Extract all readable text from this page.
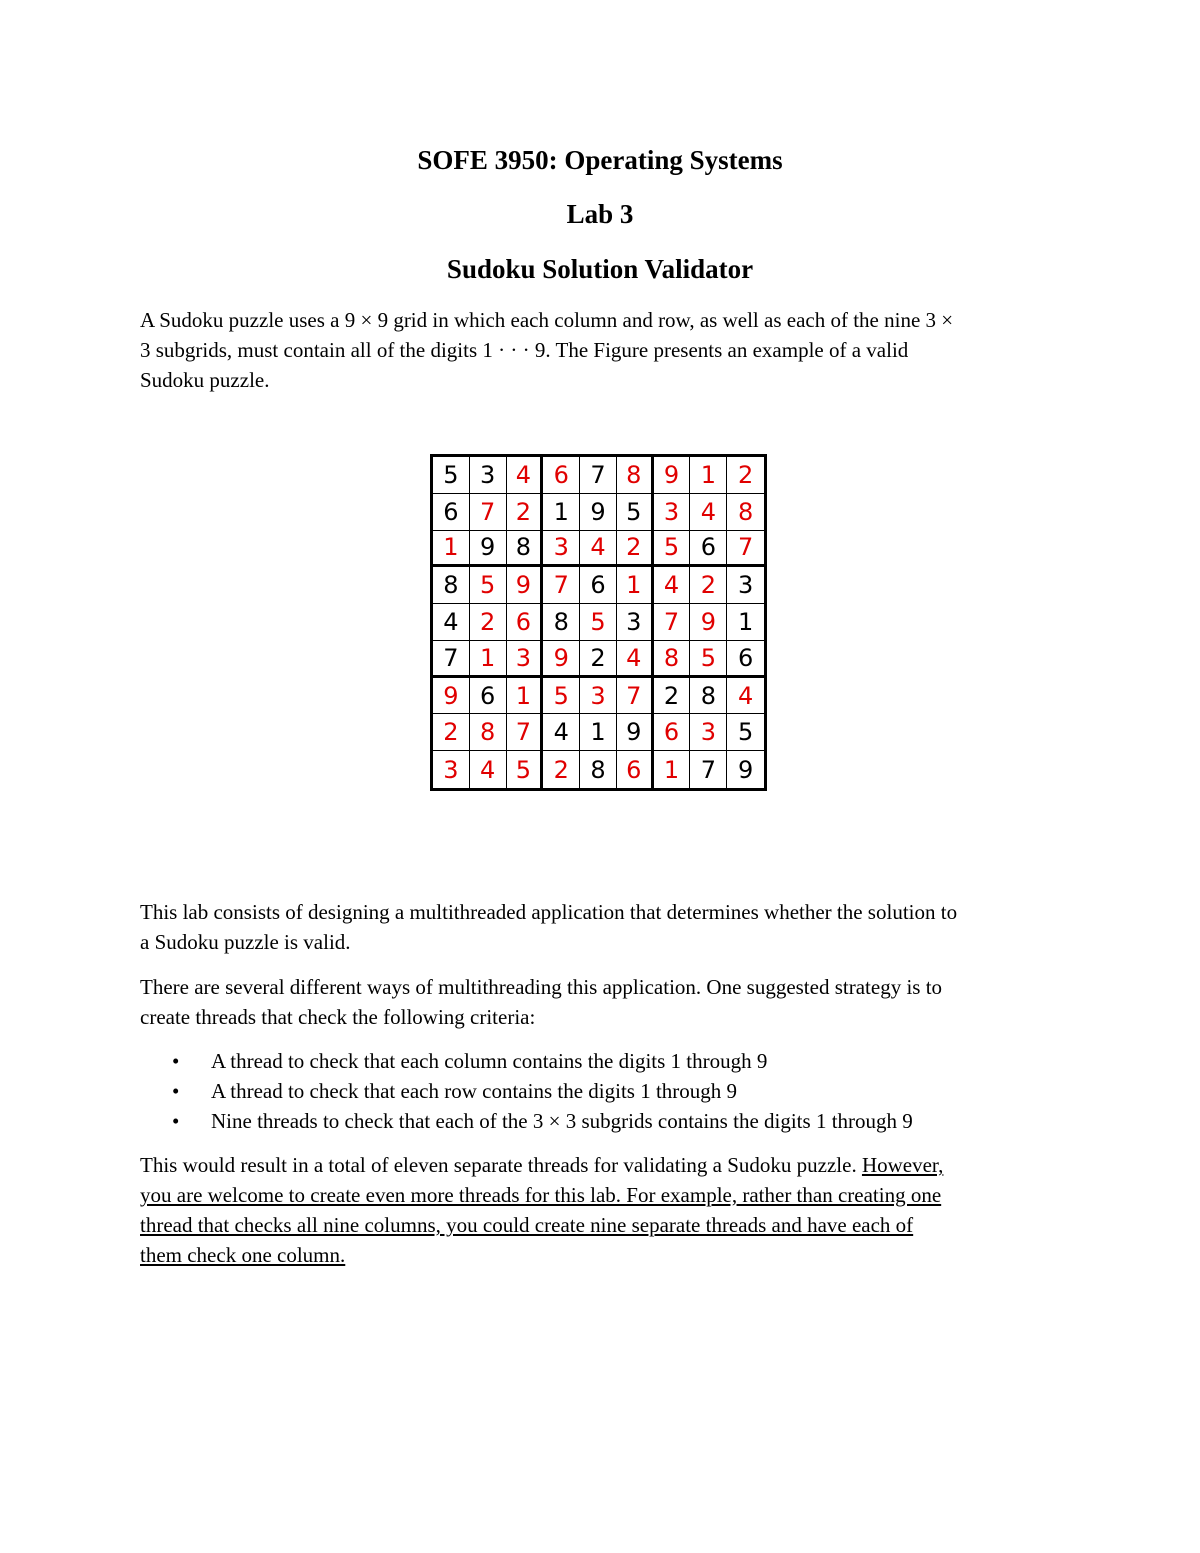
SOFE 3950: Operating Systems
Lab 3
Sudoku Solution Validator

A Sudoku puzzle uses a 9 × 9 grid in which each column and row, as well as each of the nine 3 ×

3 subgrids, must contain all of the digits 1 · · · 9. The Figure presents an example of a valid

Sudoku puzzle.

5 3 4 6 7 8 9 1 2
6 7 2 1 9 5 3 4 8
1 9 8 3 4 2 5 6 7
8 5 9 7 6 1 4 2 3
4 2 6 8 5 3 7 9 1
7 1 3 9 2 4 8 5 6
9 6 1 5 3 7 2 8 4
2 8 7 4 1 9 6 3 5
3 4 5 2 8 6 1 7 9

This lab consists of designing a multithreaded application that determines whether the solution to

a Sudoku puzzle is valid.

There are several different ways of multithreading this application. One suggested strategy is to

create threads that check the following criteria:

• A thread to check that each column contains the digits 1 through 9
• A thread to check that each row contains the digits 1 through 9
• Nine threads to check that each of the 3 × 3 subgrids contains the digits 1 through 9

This would result in a total of eleven separate threads for validating a Sudoku puzzle. However,

you are welcome to create even more threads for this lab. For example, rather than creating one

thread that checks all nine columns, you could create nine separate threads and have each of

them check one column.
